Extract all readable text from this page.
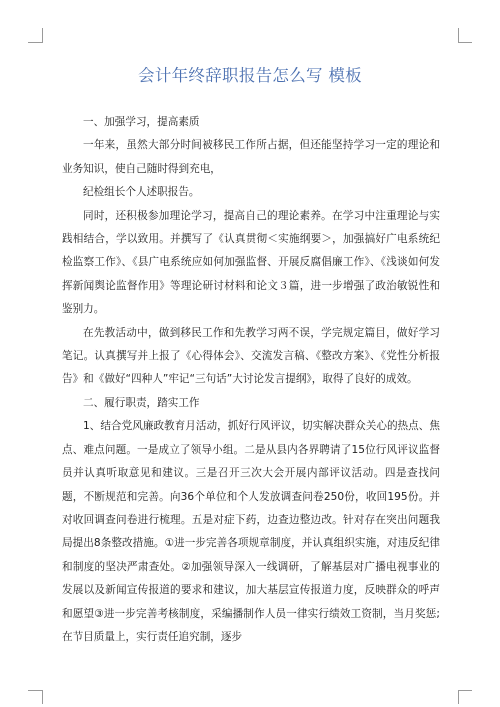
会计年终辞职报告怎么写 模板

一、加强学习，提高素质

一年来，虽然大部分时间被移民工作所占据，但还能坚持学习一定的理论和业务知识，使自己随时得到充电，

纪检组长个人述职报告。

同时，还积极参加理论学习，提高自己的理论素养。在学习中注重理论与实践相结合，学以致用。并撰写了《认真贯彻＜实施纲要＞，加强搞好广电系统纪检监察工作》、《县广电系统应如何加强监督、开展反腐倡廉工作》、《浅谈如何发挥新闻舆论监督作用》等理论研讨材料和论文３篇，进一步增强了政治敏锐性和鉴别力。

在先教活动中，做到移民工作和先教学习两不误，学完规定篇目，做好学习笔记。认真撰写并上报了《心得体会》、交流发言稿、《整改方案》、《党性分析报告》和《做好“四种人”牢记“三句话”大讨论发言提纲》，取得了良好的成效。

二、履行职责，踏实工作

1、结合党风廉政教育月活动，抓好行风评议，切实解决群众关心的热点、焦点、难点问题。一是成立了领导小组。二是从县内各界聘请了15位行风评议监督员并认真听取意见和建议。三是召开三次大会开展内部评议活动。四是查找问题，不断规范和完善。向36个单位和个人发放调查问卷250份，收回195份。并对收回调查问卷进行梳理。五是对症下药，边查边整边改。针对存在突出问题我局提出8条整改措施。①进一步完善各项规章制度，并认真组织实施，对违反纪律和制度的坚决严肃查处。②加强领导深入一线调研，了解基层对广播电视事业的发展以及新闻宣传报道的要求和建议，加大基层宣传报道力度，反映群众的呼声和愿望③进一步完善考核制度，采编播制作人员一律实行绩效工资制，当月奖惩;在节目质量上，实行责任追究制，逐步
